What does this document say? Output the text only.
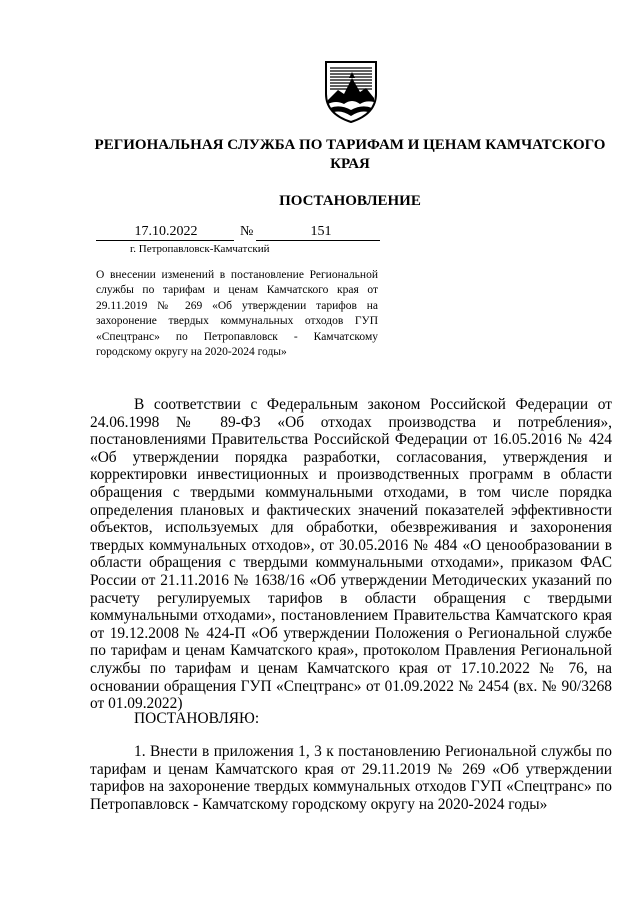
РЕГИОНАЛЬНАЯ СЛУЖБА ПО ТАРИФАМ И ЦЕНАМ КАМЧАТСКОГО КРАЯ
ПОСТАНОВЛЕНИЕ
17.10.2022	№	151
г. Петропавловск-Камчатский
О внесении изменений в постановление Региональной службы по тарифам и ценам Камчатского края от 29.11.2019 № 269 «Об утверждении тарифов на захоронение твердых коммунальных отходов ГУП «Спецтранс» по Петропавловск - Камчатскому городскому округу на 2020-2024 годы»

В соответствии с Федеральным законом Российской Федерации от 24.06.1998 № 89-ФЗ «Об отходах производства и потребления», постановлениями Правительства Российской Федерации от 16.05.2016 № 424 «Об утверждении порядка разработки, согласования, утверждения и корректировки инвестиционных и производственных программ в области обращения с твердыми коммунальными отходами, в том числе порядка определения плановых и фактических значений показателей эффективности объектов, используемых для обработки, обезвреживания и захоронения твердых коммунальных отходов», от 30.05.2016 № 484 «О ценообразовании в области обращения с твердыми коммунальными отходами», приказом ФАС России от 21.11.2016 № 1638/16 «Об утверждении Методических указаний по расчету регулируемых тарифов в области обращения с твердыми коммунальными отходами», постановлением Правительства Камчатского края от 19.12.2008 № 424-П «Об утверждении Положения о Региональной службе по тарифам и ценам Камчатского края», протоколом Правления Региональной службы по тарифам и ценам Камчатского края от 17.10.2022 № 76, на основании обращения ГУП «Спецтранс» от 01.09.2022 № 2454 (вх. № 90/3268 от 01.09.2022)

ПОСТАНОВЛЯЮ:

1. Внести в приложения 1, 3 к постановлению Региональной службы по тарифам и ценам Камчатского края от 29.11.2019 № 269 «Об утверждении тарифов на захоронение твердых коммунальных отходов ГУП «Спецтранс» по Петропавловск - Камчатскому городскому округу на 2020-2024 годы»
